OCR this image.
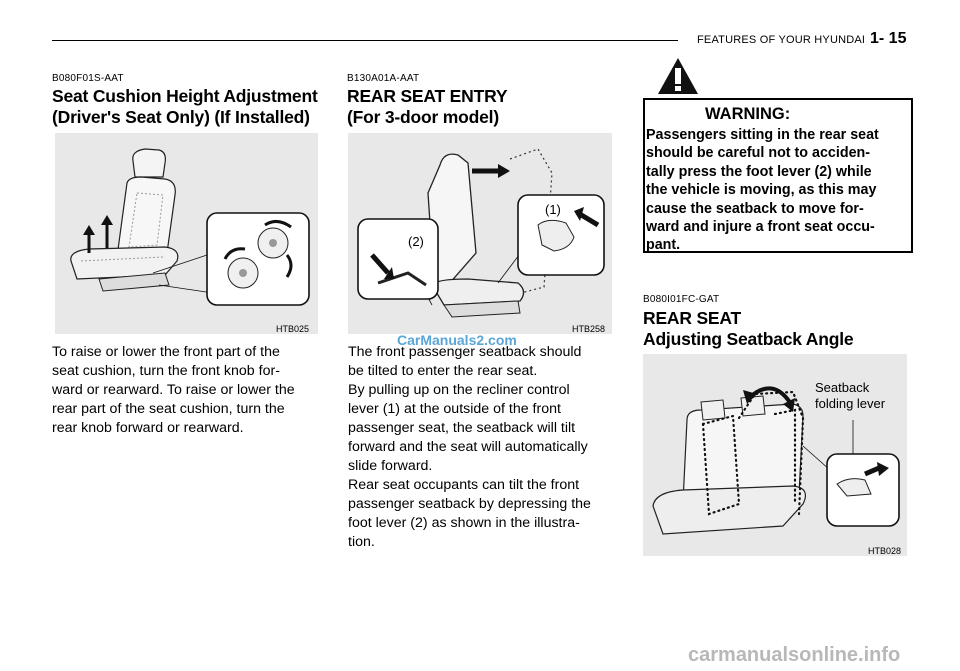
FEATURES OF YOUR HYUNDAI 1- 15
B080F01S-AAT
Seat Cushion Height Adjustment
(Driver's Seat Only) (If Installed)
HTB025
To raise or lower the front part of the
seat cushion, turn the front knob for-
ward or rearward. To raise or lower the
rear part of the seat cushion, turn the
rear knob forward or rearward.
B130A01A-AAT
REAR SEAT ENTRY
(For 3-door model)
(1)
(2)
HTB258
The front passenger seatback should
be tilted to enter the rear seat.
By pulling up on the recliner control
lever (1) at the outside of the front
passenger seat, the seatback will tilt
forward and the seat will automatically
slide forward.
Rear seat occupants can tilt the front
passenger seatback by depressing the
foot lever (2) as shown in the illustra-
tion.
WARNING:
Passengers sitting in the rear seat
should be careful not to acciden-
tally press the foot lever (2) while
the vehicle is moving, as this may
cause the seatback to move for-
ward and injure a front seat occu-
pant.
B080I01FC-GAT
REAR SEAT
Adjusting Seatback Angle
Seatback
folding lever
HTB028
CarManuals2.com
carmanualsonline.info
